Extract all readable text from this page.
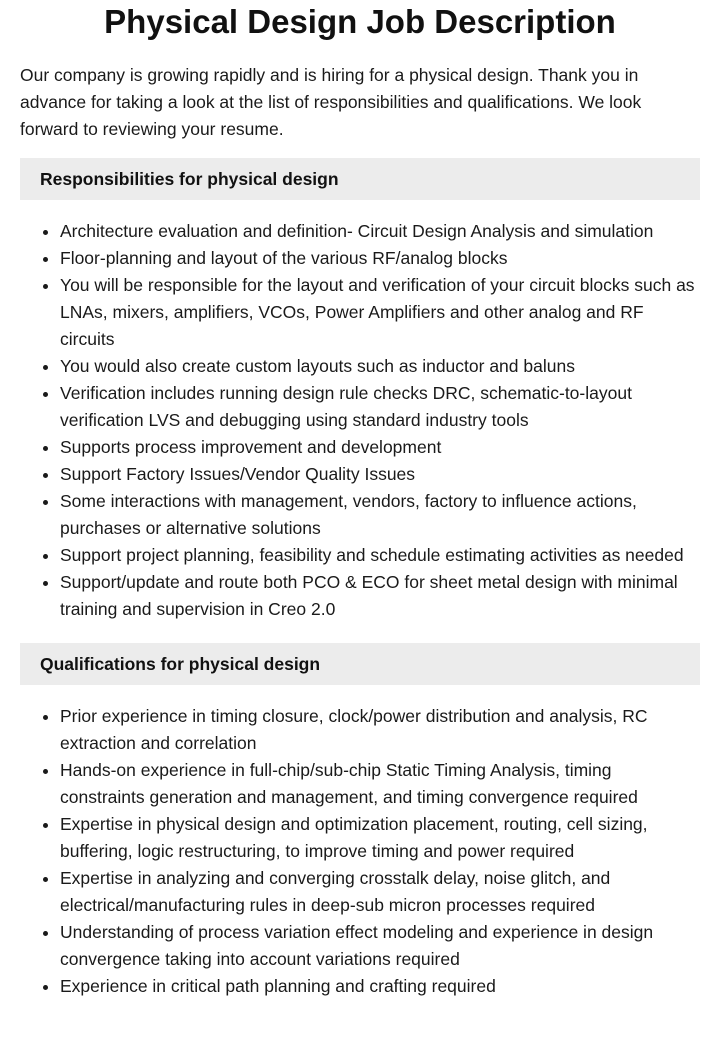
Physical Design Job Description

Our company is growing rapidly and is hiring for a physical design. Thank you in advance for taking a look at the list of responsibilities and qualifications. We look forward to reviewing your resume.

Responsibilities for physical design
• Architecture evaluation and definition- Circuit Design Analysis and simulation
• Floor-planning and layout of the various RF/analog blocks
• You will be responsible for the layout and verification of your circuit blocks such as LNAs, mixers, amplifiers, VCOs, Power Amplifiers and other analog and RF circuits
• You would also create custom layouts such as inductor and baluns
• Verification includes running design rule checks DRC, schematic-to-layout verification LVS and debugging using standard industry tools
• Supports process improvement and development
• Support Factory Issues/Vendor Quality Issues
• Some interactions with management, vendors, factory to influence actions, purchases or alternative solutions
• Support project planning, feasibility and schedule estimating activities as needed
• Support/update and route both PCO & ECO for sheet metal design with minimal training and supervision in Creo 2.0
Qualifications for physical design
• Prior experience in timing closure, clock/power distribution and analysis, RC extraction and correlation
• Hands-on experience in full-chip/sub-chip Static Timing Analysis, timing constraints generation and management, and timing convergence required
• Expertise in physical design and optimization placement, routing, cell sizing, buffering, logic restructuring, to improve timing and power required
• Expertise in analyzing and converging crosstalk delay, noise glitch, and electrical/manufacturing rules in deep-sub micron processes required
• Understanding of process variation effect modeling and experience in design convergence taking into account variations required
• Experience in critical path planning and crafting required
